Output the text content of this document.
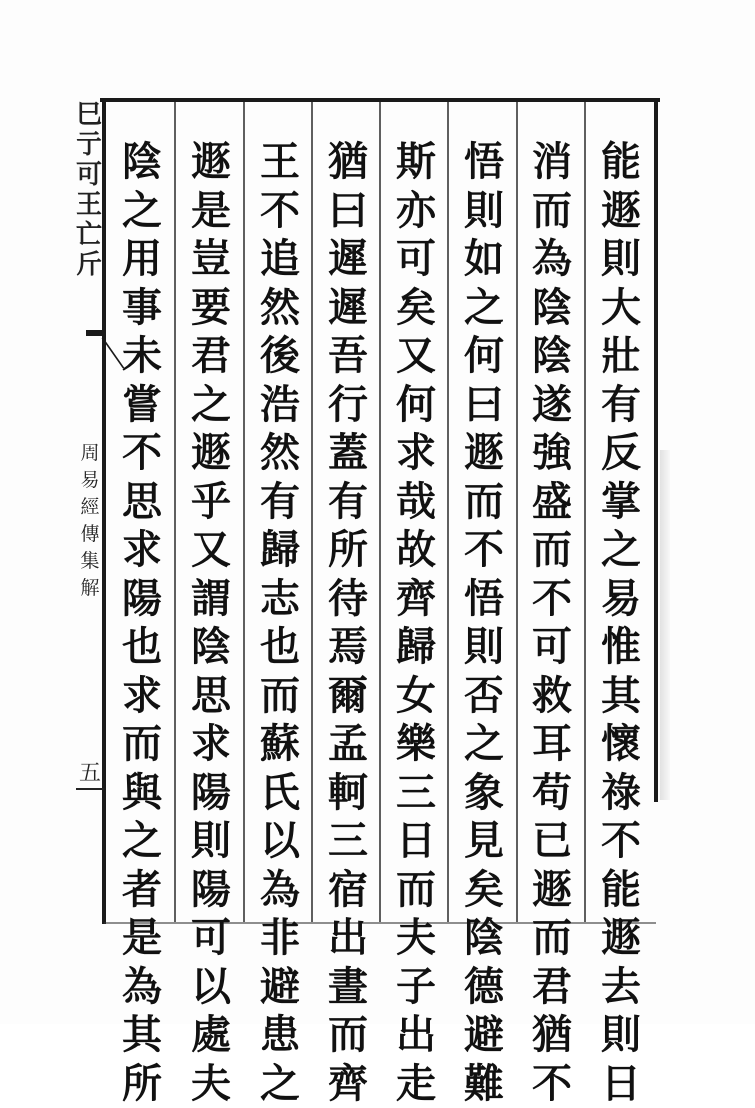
巳亍可王亡斤
周
易
經
傳
集
解
五
能
遯
則
大
壯
有
反
掌
之
易
惟
其
懷
祿
不
能
遯
去
則
日
消
而
為
陰
陰
遂
強
盛
而
不
可
救
耳
苟
已
遯
而
君
猶
不
悟
則
如
之
何
曰
遯
而
不
悟
則
否
之
象
見
矣
陰
德
避
難
斯
亦
可
矣
又
何
求
哉
故
齊
歸
女
樂
三
日
而
夫
子
出
走
猶
曰
遲
遲
吾
行
蓋
有
所
待
焉
爾
孟
軻
三
宿
出
晝
而
齊
王
不
追
然
後
浩
然
有
歸
志
也
而
蘇
氏
以
為
非
避
患
之
遯
是
豈
要
君
之
遯
乎
又
謂
陰
思
求
陽
則
陽
可
以
處
夫
陰
之
用
事
未
嘗
不
思
求
陽
也
求
而
與
之
者
是
為
其
所
